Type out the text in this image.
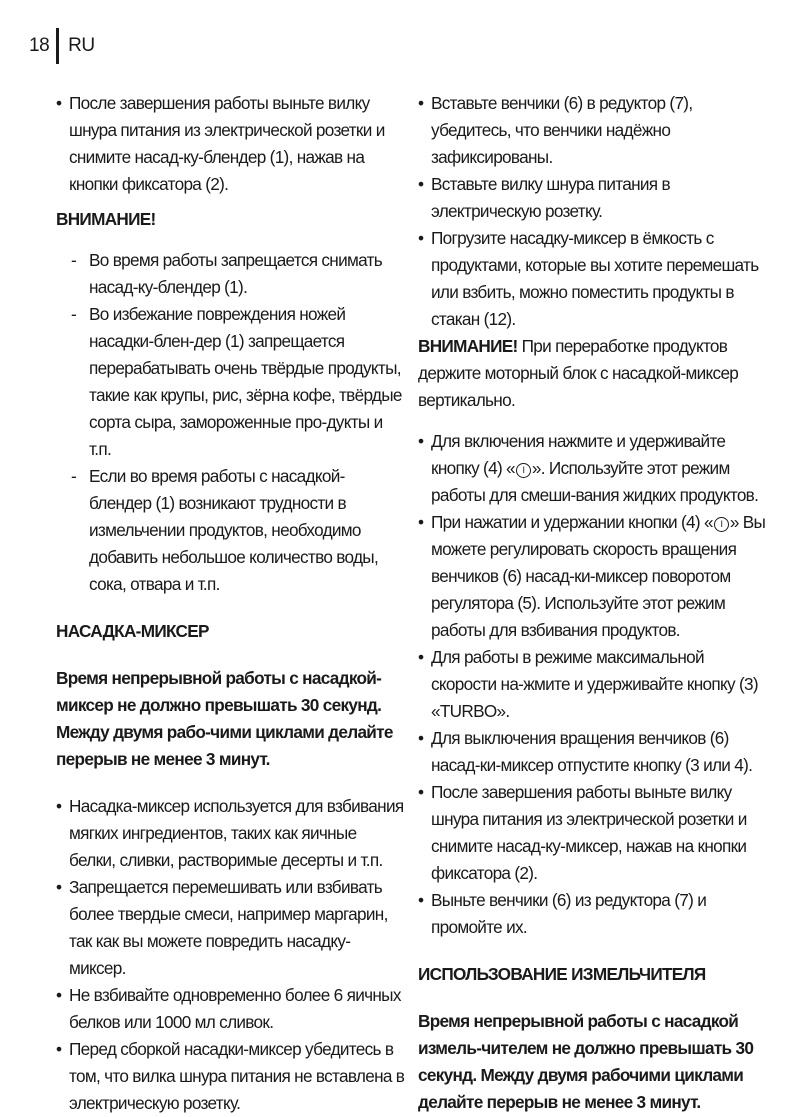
18 RU
• После завершения работы выньте вилку шнура питания из электрической розетки и снимите насад-ку-блендер (1), нажав на кнопки фиксатора (2).
ВНИМАНИЕ!
- Во время работы запрещается снимать насад-ку-блендер (1).
- Во избежание повреждения ножей насадки-блен-дер (1) запрещается перерабатывать очень твёрдые продукты, такие как крупы, рис, зёрна кофе, твёрдые сорта сыра, замороженные про-дукты и т.п.
- Если во время работы с насадкой-блендер (1) возникают трудности в измельчении продуктов, необходимо добавить небольшое количество воды, сока, отвара и т.п.
НАСАДКА-МИКСЕР
Время непрерывной работы с насадкой-миксер не должно превышать 30 секунд. Между двумя рабо-чими циклами делайте перерыв не менее 3 минут.
• Насадка-миксер используется для взбивания мягких ингредиентов, таких как яичные белки, сливки, растворимые десерты и т.п.
• Запрещается перемешивать или взбивать более твердые смеси, например маргарин, так как вы можете повредить насадку-миксер.
• Не взбивайте одновременно более 6 яичных белков или 1000 мл сливок.
• Перед сборкой насадки-миксер убедитесь в том, что вилка шнура питания не вставлена в электрическую розетку.
• Вставьте венчики (6) в редуктор (7), убедитесь, что венчики надёжно зафиксированы.
• Вставьте вилку шнура питания в электрическую розетку.
• Погрузите насадку-миксер в ёмкость с продуктами, которые вы хотите перемешать или взбить, можно поместить продукты в стакан (12).
ВНИМАНИЕ! При переработке продуктов держите моторный блок с насадкой-миксер вертикально.
• Для включения нажмите и удерживайте кнопку (4) « I ». Используйте этот режим работы для смеши-вания жидких продуктов.
• При нажатии и удержании кнопки (4) « I » Вы можете регулировать скорость вращения венчиков (6) насад-ки-миксер поворотом регулятора (5). Используйте этот режим работы для взбивания продуктов.
• Для работы в режиме максимальной скорости на-жмите и удерживайте кнопку (3) «TURBO».
• Для выключения вращения венчиков (6) насад-ки-миксер отпустите кнопку (3 или 4).
• После завершения работы выньте вилку шнура питания из электрической розетки и снимите насад-ку-миксер, нажав на кнопки фиксатора (2).
• Выньте венчики (6) из редуктора (7) и промойте их.
ИСПОЛЬЗОВАНИЕ ИЗМЕЛЬЧИТЕЛЯ
Время непрерывной работы с насадкой измель-чителем не должно превышать 30 секунд. Между двумя рабочими циклами делайте перерыв не менее 3 минут.
